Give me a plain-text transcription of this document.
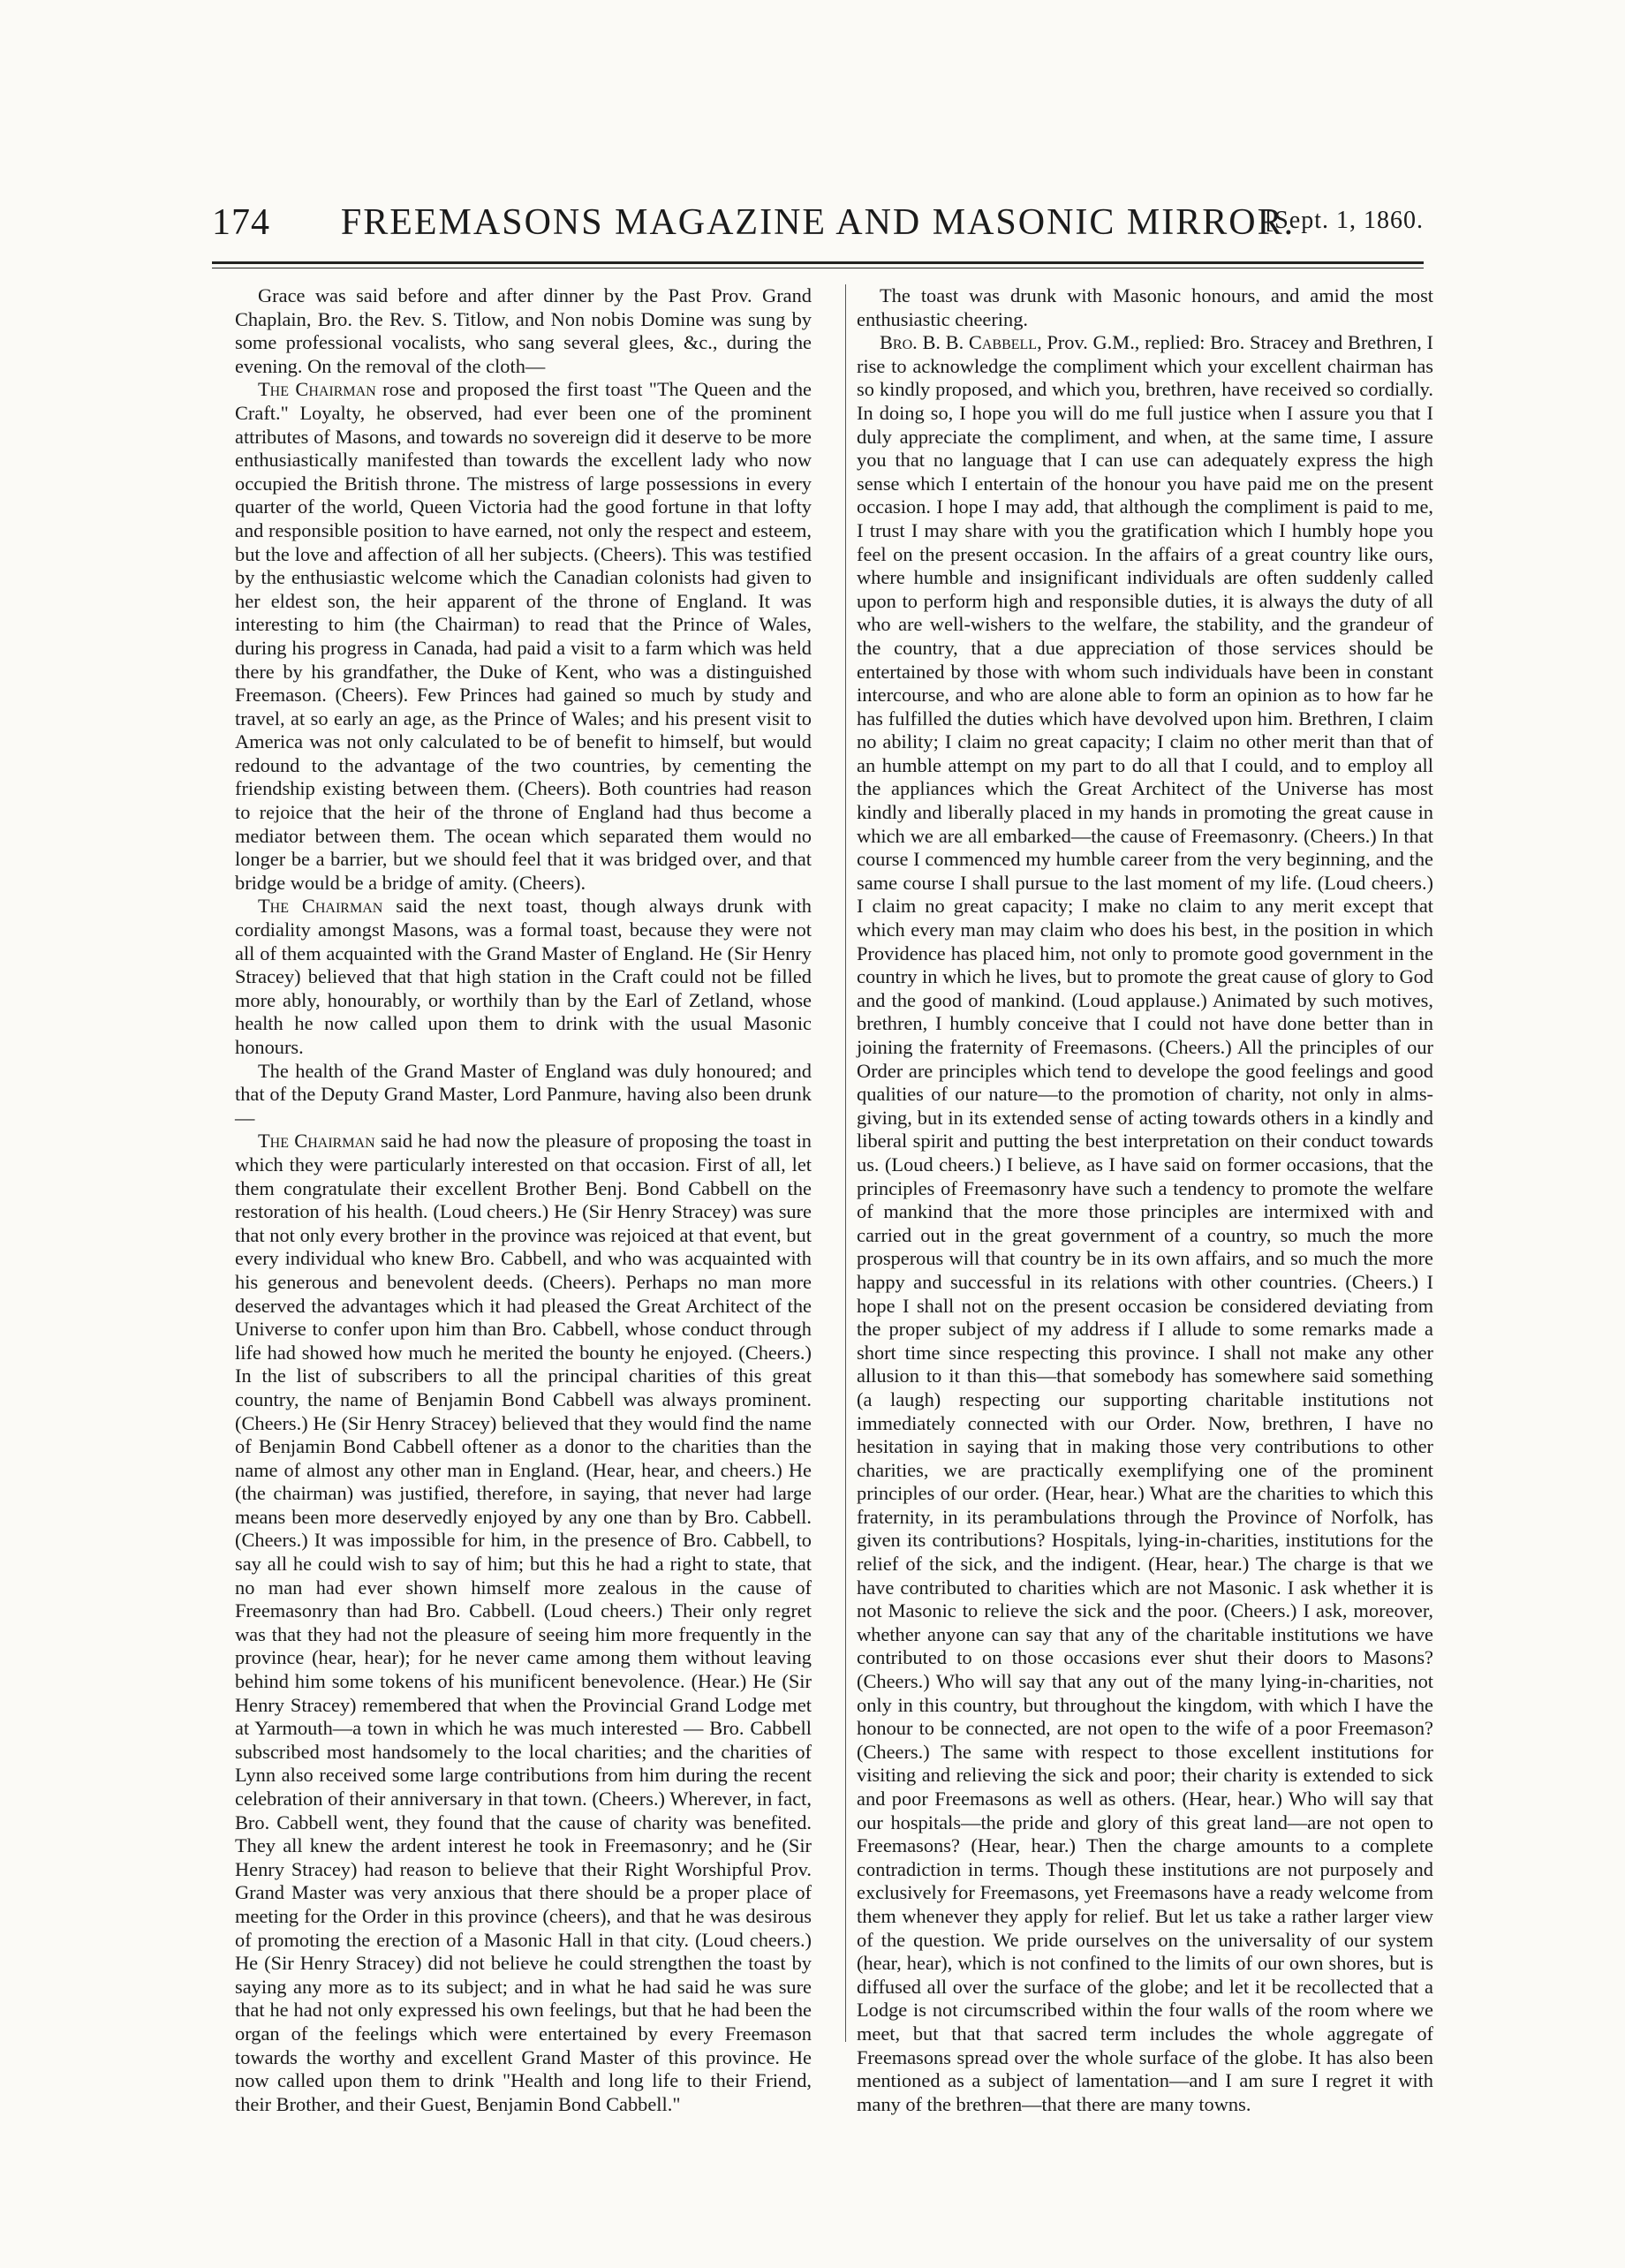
174	FREEMASONS MAGAZINE AND MASONIC MIRROR.
[Sept. 1, 1860.

Grace was said before and after dinner by the Past Prov. Grand Chaplain, Bro. the Rev. S. Titlow, and Non nobis Domine was sung by some professional vocalists, who sang several glees, &c., during the evening. On the removal of the cloth—

The Chairman rose and proposed the first toast "The Queen and the Craft." Loyalty, he observed, had ever been one of the prominent attributes of Masons, and towards no sovereign did it deserve to be more enthusiastically manifested than towards the excellent lady who now occupied the British throne. The mistress of large possessions in every quarter of the world, Queen Victoria had the good fortune in that lofty and responsible position to have earned, not only the respect and esteem, but the love and affection of all her subjects. (Cheers). This was testified by the enthusiastic welcome which the Canadian colonists had given to her eldest son, the heir apparent of the throne of England. It was interesting to him (the Chairman) to read that the Prince of Wales, during his progress in Canada, had paid a visit to a farm which was held there by his grandfather, the Duke of Kent, who was a distinguished Freemason. (Cheers). Few Princes had gained so much by study and travel, at so early an age, as the Prince of Wales; and his present visit to America was not only calculated to be of benefit to himself, but would redound to the advantage of the two countries, by cementing the friendship existing between them. (Cheers). Both countries had reason to rejoice that the heir of the throne of England had thus become a mediator between them. The ocean which separated them would no longer be a barrier, but we should feel that it was bridged over, and that bridge would be a bridge of amity. (Cheers).

The Chairman said the next toast, though always drunk with cordiality amongst Masons, was a formal toast, because they were not all of them acquainted with the Grand Master of England. He (Sir Henry Stracey) believed that that high station in the Craft could not be filled more ably, honourably, or worthily than by the Earl of Zetland, whose health he now called upon them to drink with the usual Masonic honours.

The health of the Grand Master of England was duly honoured; and that of the Deputy Grand Master, Lord Panmure, having also been drunk—

The Chairman said he had now the pleasure of proposing the toast in which they were particularly interested on that occasion. First of all, let them congratulate their excellent Brother Benj. Bond Cabbell on the restoration of his health. (Loud cheers.) He (Sir Henry Stracey) was sure that not only every brother in the province was rejoiced at that event, but every individual who knew Bro. Cabbell, and who was acquainted with his generous and benevolent deeds. (Cheers). Perhaps no man more deserved the advantages which it had pleased the Great Architect of the Universe to confer upon him than Bro. Cabbell, whose conduct through life had showed how much he merited the bounty he enjoyed. (Cheers.) In the list of subscribers to all the principal charities of this great country, the name of Benjamin Bond Cabbell was always prominent. (Cheers.) He (Sir Henry Stracey) believed that they would find the name of Benjamin Bond Cabbell oftener as a donor to the charities than the name of almost any other man in England. (Hear, hear, and cheers.) He (the chairman) was justified, therefore, in saying, that never had large means been more deservedly enjoyed by any one than by Bro. Cabbell. (Cheers.) It was impossible for him, in the presence of Bro. Cabbell, to say all he could wish to say of him; but this he had a right to state, that no man had ever shown himself more zealous in the cause of Freemasonry than had Bro. Cabbell. (Loud cheers.) Their only regret was that they had not the pleasure of seeing him more frequently in the province (hear, hear); for he never came among them without leaving behind him some tokens of his munificent benevolence. (Hear.) He (Sir Henry Stracey) remembered that when the Provincial Grand Lodge met at Yarmouth—a town in which he was much interested — Bro. Cabbell subscribed most handsomely to the local charities; and the charities of Lynn also received some large contributions from him during the recent celebration of their anniversary in that town. (Cheers.) Wherever, in fact, Bro. Cabbell went, they found that the cause of charity was benefited. They all knew the ardent interest he took in Freemasonry; and he (Sir Henry Stracey) had reason to believe that their Right Worshipful Prov. Grand Master was very anxious that there should be a proper place of meeting for the Order in this province (cheers), and that he was desirous of promoting the erection of a Masonic Hall in that city. (Loud cheers.) He (Sir Henry Stracey) did not believe he could strengthen the toast by saying any more as to its subject; and in what he had said he was sure that he had not only expressed his own feelings, but that he had been the organ of the feelings which were entertained by every Freemason towards the worthy and excellent Grand Master of this province. He now called upon them to drink "Health and long life to their Friend, their Brother, and their Guest, Benjamin Bond Cabbell."

The toast was drunk with Masonic honours, and amid the most enthusiastic cheering.

Bro. B. B. Cabbell, Prov. G.M., replied: Bro. Stracey and Brethren, I rise to acknowledge the compliment which your excellent chairman has so kindly proposed, and which you, brethren, have received so cordially. In doing so, I hope you will do me full justice when I assure you that I duly appreciate the compliment, and when, at the same time, I assure you that no language that I can use can adequately express the high sense which I entertain of the honour you have paid me on the present occasion. I hope I may add, that although the compliment is paid to me, I trust I may share with you the gratification which I humbly hope you feel on the present occasion. In the affairs of a great country like ours, where humble and insignificant individuals are often suddenly called upon to perform high and responsible duties, it is always the duty of all who are well-wishers to the welfare, the stability, and the grandeur of the country, that a due appreciation of those services should be entertained by those with whom such individuals have been in constant intercourse, and who are alone able to form an opinion as to how far he has fulfilled the duties which have devolved upon him. Brethren, I claim no ability; I claim no great capacity; I claim no other merit than that of an humble attempt on my part to do all that I could, and to employ all the appliances which the Great Architect of the Universe has most kindly and liberally placed in my hands in promoting the great cause in which we are all embarked—the cause of Freemasonry. (Cheers.) In that course I commenced my humble career from the very beginning, and the same course I shall pursue to the last moment of my life. (Loud cheers.) I claim no great capacity; I make no claim to any merit except that which every man may claim who does his best, in the position in which Providence has placed him, not only to promote good government in the country in which he lives, but to promote the great cause of glory to God and the good of mankind. (Loud applause.) Animated by such motives, brethren, I humbly conceive that I could not have done better than in joining the fraternity of Freemasons. (Cheers.) All the principles of our Order are principles which tend to develope the good feelings and good qualities of our nature—to the promotion of charity, not only in alms-giving, but in its extended sense of acting towards others in a kindly and liberal spirit and putting the best interpretation on their conduct towards us. (Loud cheers.) I believe, as I have said on former occasions, that the principles of Freemasonry have such a tendency to promote the welfare of mankind that the more those principles are intermixed with and carried out in the great government of a country, so much the more prosperous will that country be in its own affairs, and so much the more happy and successful in its relations with other countries. (Cheers.) I hope I shall not on the present occasion be considered deviating from the proper subject of my address if I allude to some remarks made a short time since respecting this province. I shall not make any other allusion to it than this—that somebody has somewhere said something (a laugh) respecting our supporting charitable institutions not immediately connected with our Order. Now, brethren, I have no hesitation in saying that in making those very contributions to other charities, we are practically exemplifying one of the prominent principles of our order. (Hear, hear.) What are the charities to which this fraternity, in its perambulations through the Province of Norfolk, has given its contributions? Hospitals, lying-in-charities, institutions for the relief of the sick, and the indigent. (Hear, hear.) The charge is that we have contributed to charities which are not Masonic. I ask whether it is not Masonic to relieve the sick and the poor. (Cheers.) I ask, moreover, whether anyone can say that any of the charitable institutions we have contributed to on those occasions ever shut their doors to Masons? (Cheers.) Who will say that any out of the many lying-in-charities, not only in this country, but throughout the kingdom, with which I have the honour to be connected, are not open to the wife of a poor Freemason? (Cheers.) The same with respect to those excellent institutions for visiting and relieving the sick and poor; their charity is extended to sick and poor Freemasons as well as others. (Hear, hear.) Who will say that our hospitals—the pride and glory of this great land—are not open to Freemasons? (Hear, hear.) Then the charge amounts to a complete contradiction in terms. Though these institutions are not purposely and exclusively for Freemasons, yet Freemasons have a ready welcome from them whenever they apply for relief. But let us take a rather larger view of the question. We pride ourselves on the universality of our system (hear, hear), which is not confined to the limits of our own shores, but is diffused all over the surface of the globe; and let it be recollected that a Lodge is not circumscribed within the four walls of the room where we meet, but that that sacred term includes the whole aggregate of Freemasons spread over the whole surface of the globe. It has also been mentioned as a subject of lamentation—and I am sure I regret it with many of the brethren—that there are many towns.
